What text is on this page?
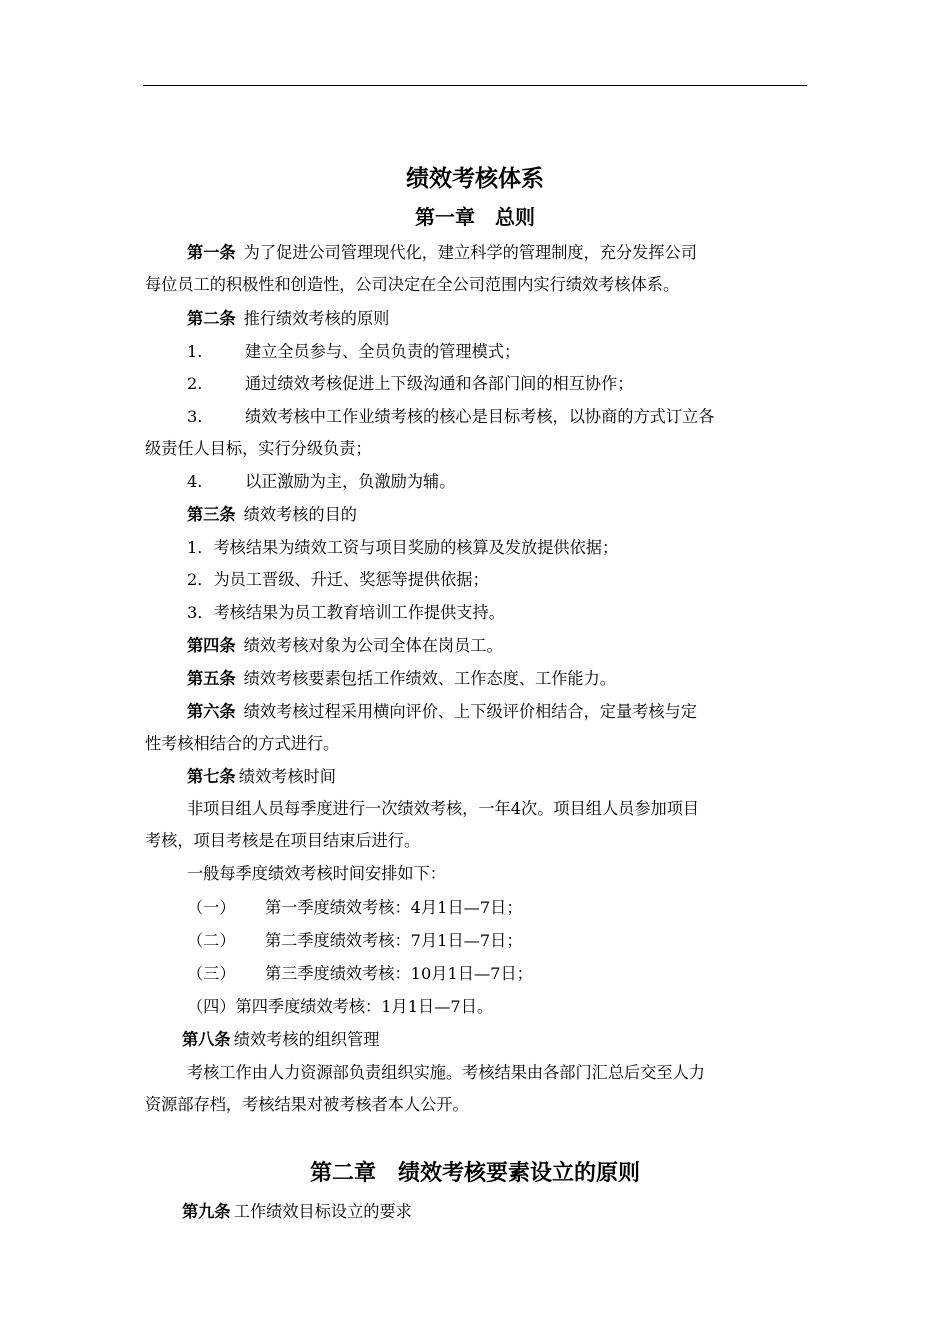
绩效考核体系
第一章　总则
第一条  为了促进公司管理现代化，建立科学的管理制度，充分发挥公司
每位员工的积极性和创造性，公司决定在全公司范围内实行绩效考核体系。
第二条  推行绩效考核的原则
1.	建立全员参与、全员负责的管理模式；
2.	通过绩效考核促进上下级沟通和各部门间的相互协作；
3.	绩效考核中工作业绩考核的核心是目标考核，以协商的方式订立各
级责任人目标，实行分级负责；
4.	以正激励为主，负激励为辅。
第三条  绩效考核的目的
1．考核结果为绩效工资与项目奖励的核算及发放提供依据；
2．为员工晋级、升迁、奖惩等提供依据；
3．考核结果为员工教育培训工作提供支持。
第四条  绩效考核对象为公司全体在岗员工。
第五条  绩效考核要素包括工作绩效、工作态度、工作能力。
第六条  绩效考核过程采用横向评价、上下级评价相结合，定量考核与定
性考核相结合的方式进行。
第七条  绩效考核时间
非项目组人员每季度进行一次绩效考核，一年4次。项目组人员参加项目
考核，项目考核是在项目结束后进行。
一般每季度绩效考核时间安排如下：
（一） 第一季度绩效考核：4月1日—7日；
（二） 第二季度绩效考核：7月1日—7日；
（三） 第三季度绩效考核：10月1日—7日；
（四）第四季度绩效考核：1月1日—7日。
第八条  绩效考核的组织管理
考核工作由人力资源部负责组织实施。考核结果由各部门汇总后交至人力
资源部存档，考核结果对被考核者本人公开。
第二章　绩效考核要素设立的原则
第九条  工作绩效目标设立的要求
